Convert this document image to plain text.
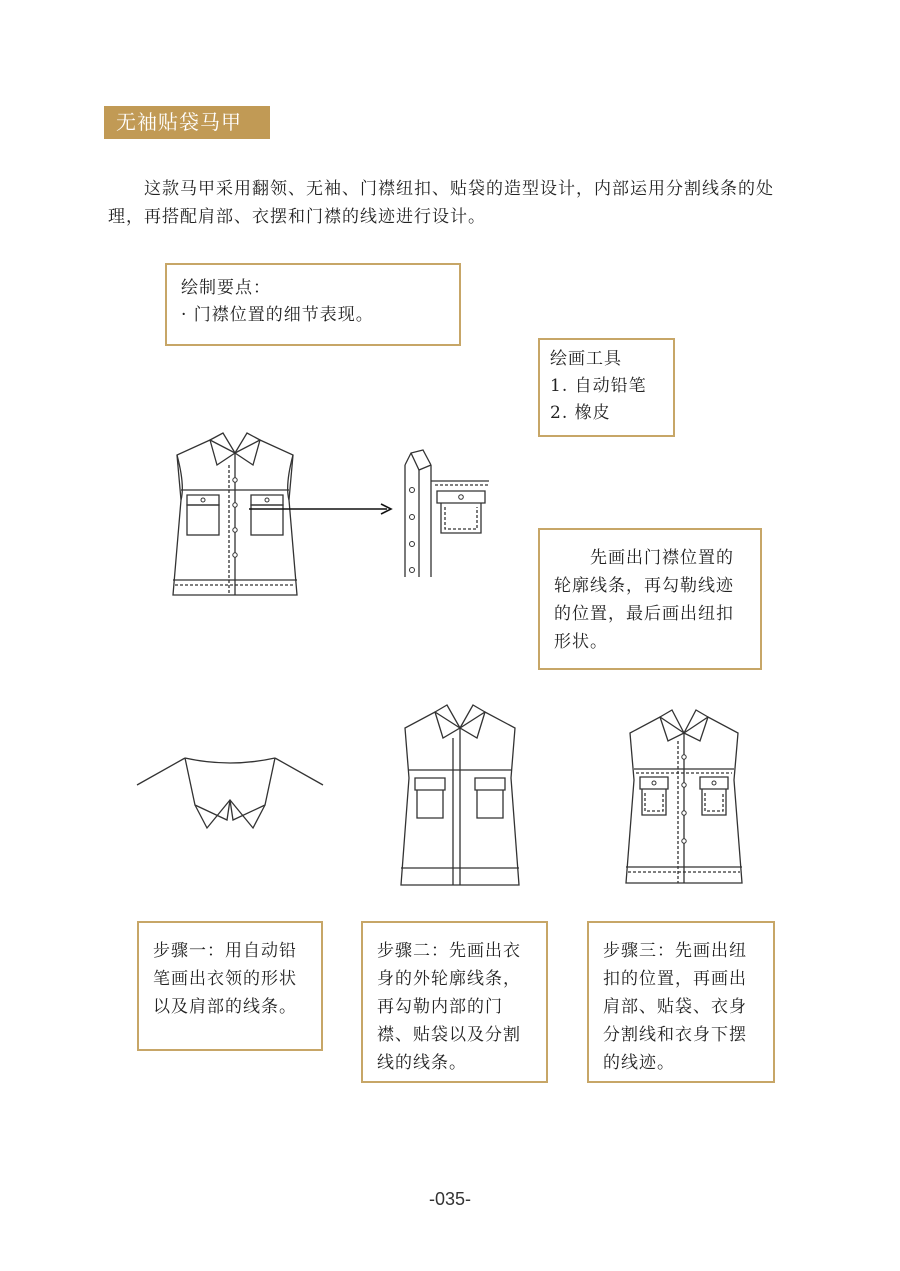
无袖贴袋马甲

这款马甲采用翻领、无袖、门襟纽扣、贴袋的造型设计，内部运用分割线条的处理，再搭配肩部、衣摆和门襟的线迹进行设计。

绘制要点：
· 门襟位置的细节表现。
绘画工具
1. 自动铅笔
2. 橡皮
先画出门襟位置的轮廓线条，再勾勒线迹的位置，最后画出纽扣形状。
步骤一：用自动铅笔画出衣领的形状以及肩部的线条。
步骤二：先画出衣身的外轮廓线条，再勾勒内部的门襟、贴袋以及分割线的线条。
步骤三：先画出纽扣的位置，再画出肩部、贴袋、衣身分割线和衣身下摆的线迹。
-035-
